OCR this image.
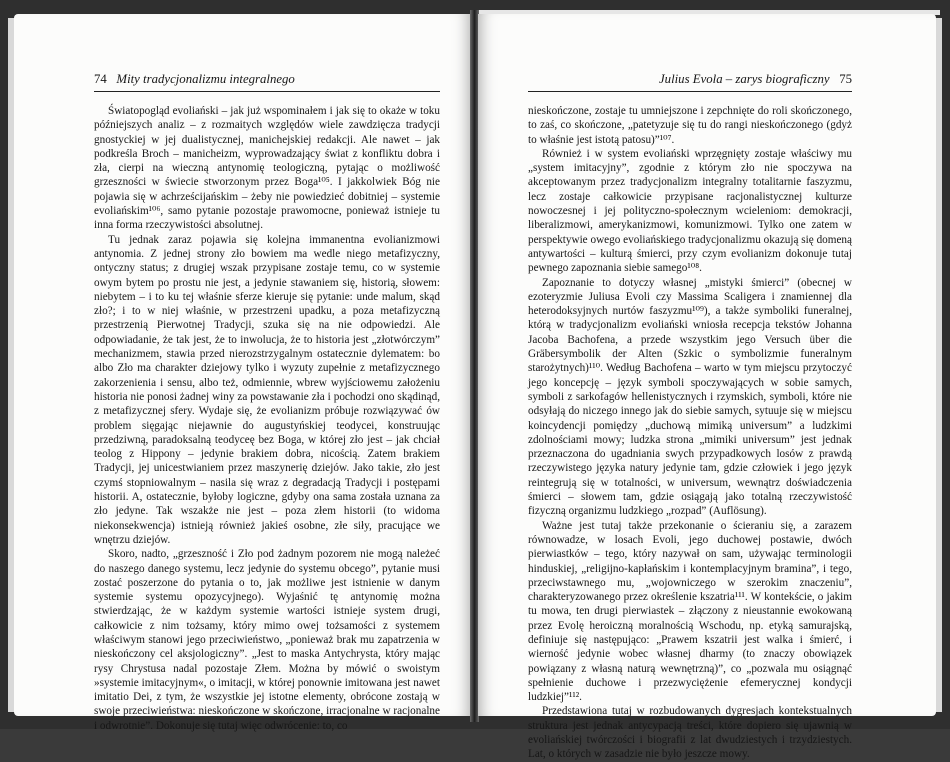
74 Mity tradycjonalizmu integralnego

Światopogląd evoliański – jak już wspominałem i jak się to okaże w toku późniejszych analiz – z rozmaitych względów wiele zawdzięcza tradycji gnostyckiej w jej dualistycznej, manichejskiej redakcji. Ale nawet – jak podkreśla Broch – manicheizm, wyprowadzający świat z konfliktu dobra i zła, cierpi na wieczną antynomię teologiczną, pytając o możliwość grzeszności w świecie stworzonym przez Boga¹⁰⁵. I jakkolwiek Bóg nie pojawia się w achrześcijańskim – żeby nie powiedzieć dobitniej – systemie evoliańskim¹⁰⁶, samo pytanie pozostaje prawomocne, ponieważ istnieje tu inna forma rzeczywistości absolutnej.

Tu jednak zaraz pojawia się kolejna immanentna evolianizmowi antynomia. Z jednej strony zło bowiem ma wedle niego metafizyczny, ontyczny status; z drugiej wszak przypisane zostaje temu, co w systemie owym bytem po prostu nie jest, a jedynie stawaniem się, historią, słowem: niebytem – i to ku tej właśnie sferze kieruje się pytanie: unde malum, skąd zło?; i to w niej właśnie, w przestrzeni upadku, a poza metafizyczną przestrzenią Pierwotnej Tradycji, szuka się na nie odpowiedzi. Ale odpowiadanie, że tak jest, że to inwolucja, że to historia jest „złotwórczym” mechanizmem, stawia przed nierozstrzygalnym ostatecznie dylematem: bo albo Zło ma charakter dziejowy tylko i wyzuty zupełnie z metafizycznego zakorzenienia i sensu, albo też, odmiennie, wbrew wyjściowemu założeniu historia nie ponosi żadnej winy za powstawanie zła i pochodzi ono skądinąd, z metafizycznej sfery. Wydaje się, że evolianizm próbuje rozwiązywać ów problem sięgając niejawnie do augustyńskiej teodycei, konstruując przedziwną, paradoksalną teodyceę bez Boga, w której zło jest – jak chciał teolog z Hippony – jedynie brakiem dobra, nicością. Zatem brakiem Tradycji, jej unicestwianiem przez maszynerię dziejów. Jako takie, zło jest czymś stopniowalnym – nasila się wraz z degradacją Tradycji i postępami historii. A, ostatecznie, byłoby logiczne, gdyby ona sama została uznana za zło jedyne. Tak wszakże nie jest – poza złem historii (to widoma niekonsekwencja) istnieją również jakieś osobne, złe siły, pracujące we wnętrzu dziejów.

Skoro, nadto, „grzeszność i Zło pod żadnym pozorem nie mogą należeć do naszego danego systemu, lecz jedynie do systemu obcego”, pytanie musi zostać poszerzone do pytania o to, jak możliwe jest istnienie w danym systemie systemu opozycyjnego). Wyjaśnić tę antynomię można stwierdzając, że w każdym systemie wartości istnieje system drugi, całkowicie z nim tożsamy, który mimo owej tożsamości z systemem właściwym stanowi jego przeciwieństwo, „ponieważ brak mu zapatrzenia w nieskończony cel aksjologiczny”. „Jest to maska Antychrysta, który mając rysy Chrystusa nadal pozostaje Złem. Można by mówić o swoistym »systemie imitacyjnym«, o imitacji, w której ponownie imitowana jest nawet imitatio Dei, z tym, że wszystkie jej istotne elementy, obrócone zostają w swoje przeciwieństwa: nieskończone w skończone, irracjonalne w racjonalne i odwrotnie”. Dokonuje się tutaj więc odwrócenie: to, co

Julius Evola – zarys biograficzny 75

nieskończone, zostaje tu umniejszone i zepchnięte do roli skończonego, to zaś, co skończone, „patetyzuje się tu do rangi nieskończonego (gdyż to właśnie jest istotą patosu)”¹⁰⁷.

Również i w system evoliański wprzęgnięty zostaje właściwy mu „system imitacyjny”, zgodnie z którym zło nie spoczywa na akceptowanym przez tradycjonalizm integralny totalitarnie faszyzmu, lecz zostaje całkowicie przypisane racjonalistycznej kulturze nowoczesnej i jej polityczno-społecznym wcieleniom: demokracji, liberalizmowi, amerykanizmowi, komunizmowi. Tylko one zatem w perspektywie owego evoliańskiego tradycjonalizmu okazują się domeną antywartości – kulturą śmierci, przy czym evolianizm dokonuje tutaj pewnego zapoznania siebie samego¹⁰⁸.

Zapoznanie to dotyczy własnej „mistyki śmierci” (obecnej w ezoteryzmie Juliusa Evoli czy Massima Scaligera i znamiennej dla heterodoksyjnych nurtów faszyzmu¹⁰⁹), a także symboliki funeralnej, którą w tradycjonalizm evoliański wniosła recepcja tekstów Johanna Jacoba Bachofena, a przede wszystkim jego Versuch über die Gräbersymbolik der Alten (Szkic o symbolizmie funeralnym starożytnych)¹¹⁰. Według Bachofena – warto w tym miejscu przytoczyć jego koncepcję – język symboli spoczywających w sobie samych, symboli z sarkofagów hellenistycznych i rzymskich, symboli, które nie odsyłają do niczego innego jak do siebie samych, sytuuje się w miejscu koincydencji pomiędzy „duchową mimiką universum” a ludzkimi zdolnościami mowy; ludzka strona „mimiki universum” jest jednak przeznaczona do ugadniania swych przypadkowych losów z prawdą rzeczywistego języka natury jedynie tam, gdzie człowiek i jego język reintegrują się w totalności, w universum, wewnątrz doświadczenia śmierci – słowem tam, gdzie osiągają jako totalną rzeczywistość fizyczną organizmu ludzkiego „rozpad” (Auflösung).

Ważne jest tutaj także przekonanie o ścieraniu się, a zarazem równowadze, w losach Evoli, jego duchowej postawie, dwóch pierwiastków – tego, który nazywał on sam, używając terminologii hinduskiej, „religijno-kapłańskim i kontemplacyjnym bramina”, i tego, przeciwstawnego mu, „wojowniczego w szerokim znaczeniu”, charakteryzowanego przez określenie kszatria¹¹¹. W kontekście, o jakim tu mowa, ten drugi pierwiastek – złączony z nieustannie ewokowaną przez Evolę heroiczną moralnością Wschodu, np. etyką samurajską, definiuje się następująco: „Prawem kszatrii jest walka i śmierć, i wierność jedynie wobec własnej dharmy (to znaczy obowiązek powiązany z własną naturą wewnętrzną)”, co „pozwala mu osiągnąć spełnienie duchowe i przezwyciężenie efemerycznej kondycji ludzkiej”¹¹².

Przedstawiona tutaj w rozbudowanych dygresjach kontekstualnych struktura jest jednak antycypacją treści, które dopiero się ujawnią w evoliańskiej twórczości i biografii z lat dwudziestych i trzydziestych. Lat, o których w zasadzie nie było jeszcze mowy.
